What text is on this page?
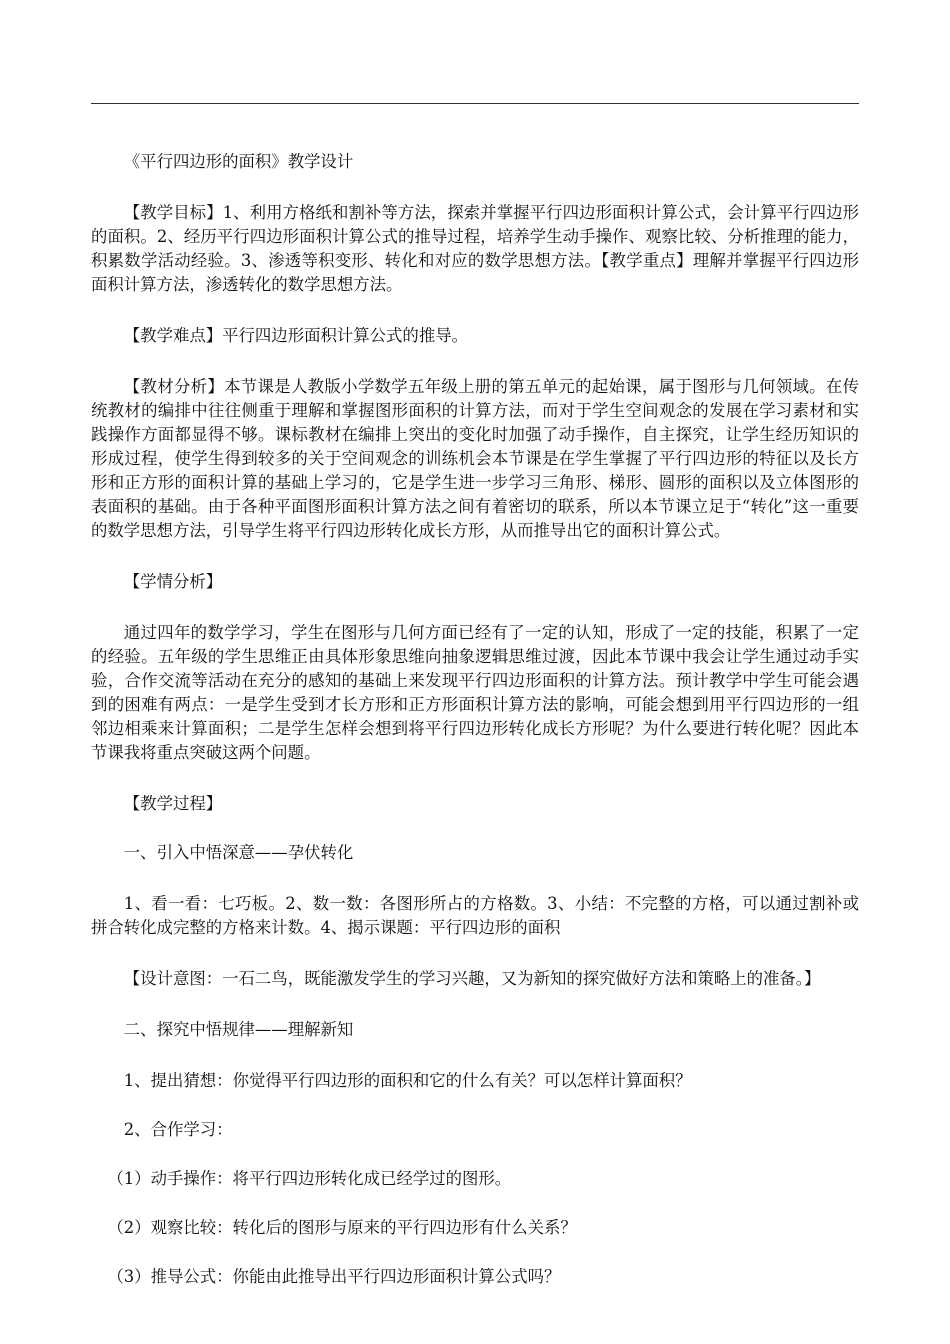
《平行四边形的面积》教学设计

【教学目标】1、利用方格纸和割补等方法，探索并掌握平行四边形面积计算公式，会计算平行四边形的面积。2、经历平行四边形面积计算公式的推导过程，培养学生动手操作、观察比较、分析推理的能力，积累数学活动经验。3、渗透等积变形、转化和对应的数学思想方法。【教学重点】理解并掌握平行四边形面积计算方法，渗透转化的数学思想方法。

【教学难点】平行四边形面积计算公式的推导。

【教材分析】本节课是人教版小学数学五年级上册的第五单元的起始课，属于图形与几何领域。在传统教材的编排中往往侧重于理解和掌握图形面积的计算方法，而对于学生空间观念的发展在学习素材和实践操作方面都显得不够。课标教材在编排上突出的变化时加强了动手操作，自主探究，让学生经历知识的形成过程，使学生得到较多的关于空间观念的训练机会本节课是在学生掌握了平行四边形的特征以及长方形和正方形的面积计算的基础上学习的，它是学生进一步学习三角形、梯形、圆形的面积以及立体图形的表面积的基础。由于各种平面图形面积计算方法之间有着密切的联系，所以本节课立足于“转化”这一重要的数学思想方法，引导学生将平行四边形转化成长方形，从而推导出它的面积计算公式。

【学情分析】

通过四年的数学学习，学生在图形与几何方面已经有了一定的认知，形成了一定的技能，积累了一定的经验。五年级的学生思维正由具体形象思维向抽象逻辑思维过渡，因此本节课中我会让学生通过动手实验，合作交流等活动在充分的感知的基础上来发现平行四边形面积的计算方法。预计教学中学生可能会遇到的困难有两点：一是学生受到才长方形和正方形面积计算方法的影响，可能会想到用平行四边形的一组邻边相乘来计算面积；二是学生怎样会想到将平行四边形转化成长方形呢？为什么要进行转化呢？因此本节课我将重点突破这两个问题。

【教学过程】

一、引入中悟深意——孕伏转化

1、看一看：七巧板。2、数一数：各图形所占的方格数。3、小结：不完整的方格，可以通过割补或拼合转化成完整的方格来计数。4、揭示课题：平行四边形的面积

【设计意图：一石二鸟，既能激发学生的学习兴趣，又为新知的探究做好方法和策略上的准备。】

二、探究中悟规律——理解新知

1、提出猜想：你觉得平行四边形的面积和它的什么有关？可以怎样计算面积？

2、合作学习：

（1）动手操作：将平行四边形转化成已经学过的图形。

（2）观察比较：转化后的图形与原来的平行四边形有什么关系？

（3）推导公式：你能由此推导出平行四边形面积计算公式吗？
